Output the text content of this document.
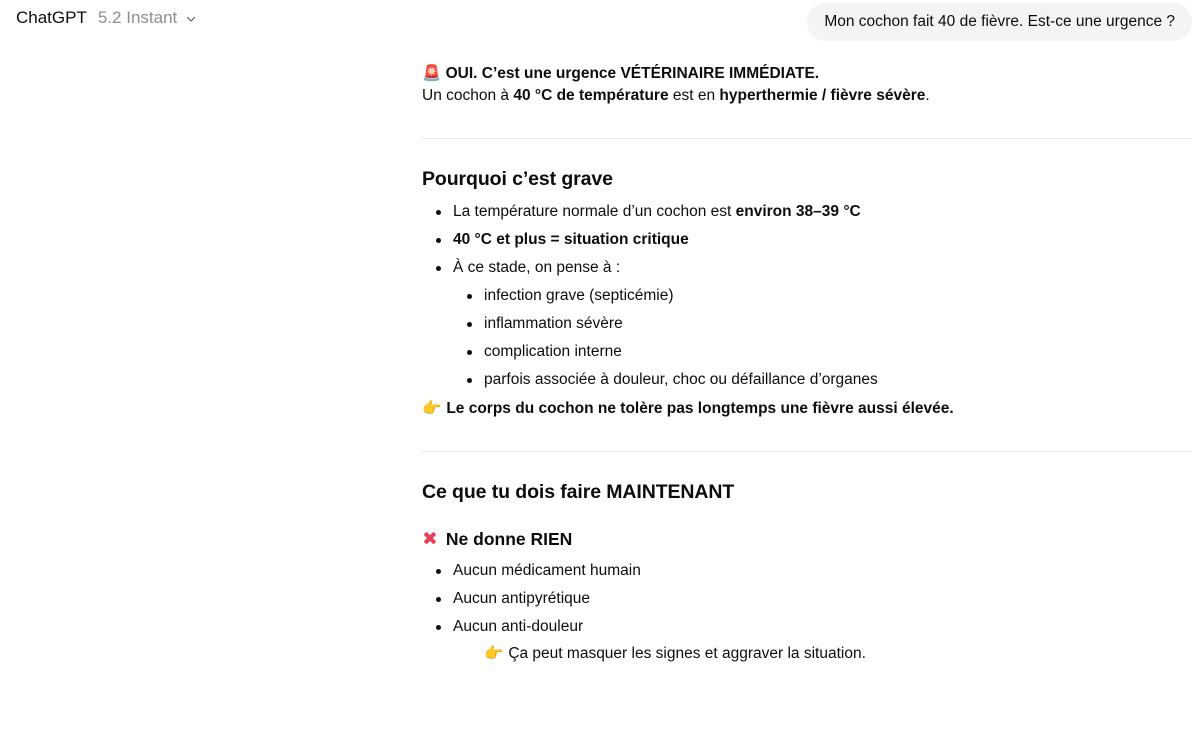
ChatGPT 5.2 Instant	Mon cochon fait 40 de fièvre. Est-ce une urgence ?

🚨 OUI. C’est une urgence VÉTÉRINAIRE IMMÉDIATE.

Un cochon à 40 °C de température est en hyperthermie / fièvre sévère.

Pourquoi c’est grave
La température normale d’un cochon est environ 38–39 °C
40 °C et plus = situation critique
À ce stade, on pense à :
infection grave (septicémie)
inflammation sévère
complication interne
parfois associée à douleur, choc ou défaillance d’organes

👉 Le corps du cochon ne tolère pas longtemps une fièvre aussi élevée.

Ce que tu dois faire MAINTENANT
✖ Ne donne RIEN
Aucun médicament humain
Aucun antipyrétique
Aucun anti-douleur
👉 Ça peut masquer les signes et aggraver la situation.
